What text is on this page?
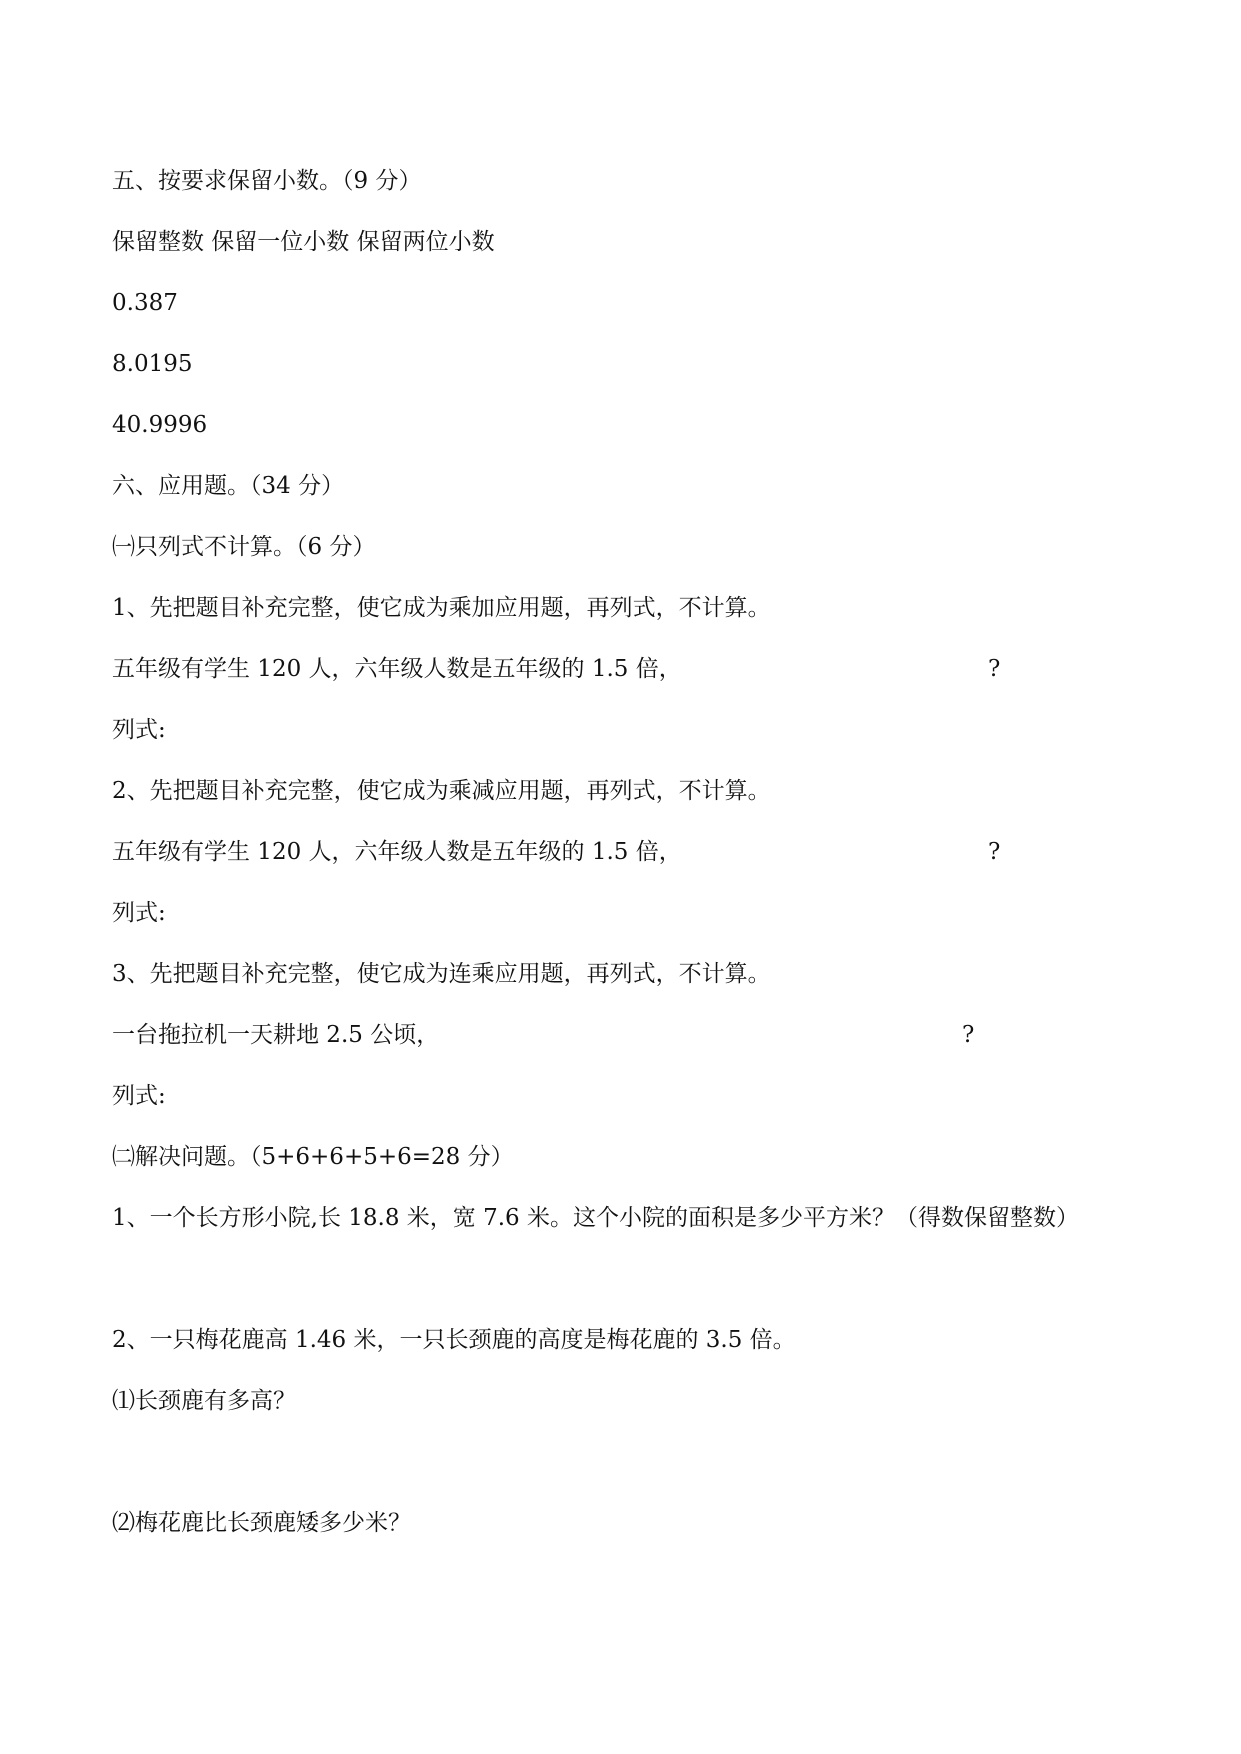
五、按要求保留小数。（9 分）
保留整数 保留一位小数 保留两位小数
0.387
8.0195
40.9996
六、应用题。（34 分）
㈠只列式不计算。（6 分）
1、先把题目补充完整，使它成为乘加应用题，再列式，不计算。
五年级有学生 120 人，六年级人数是五年级的 1.5 倍，	?
列式:
2、先把题目补充完整，使它成为乘减应用题，再列式，不计算。
五年级有学生 120 人，六年级人数是五年级的 1.5 倍，	?
列式:
3、先把题目补充完整，使它成为连乘应用题，再列式，不计算。
一台拖拉机一天耕地 2.5 公顷，	?
列式:
㈡解决问题。（5+6+6+5+6=28 分）
1、一个长方形小院,长 18.8 米，宽 7.6 米。这个小院的面积是多少平方米？（得数保留整数）
2、一只梅花鹿高 1.46 米，一只长颈鹿的高度是梅花鹿的 3.5 倍。
⑴长颈鹿有多高？
⑵梅花鹿比长颈鹿矮多少米？
